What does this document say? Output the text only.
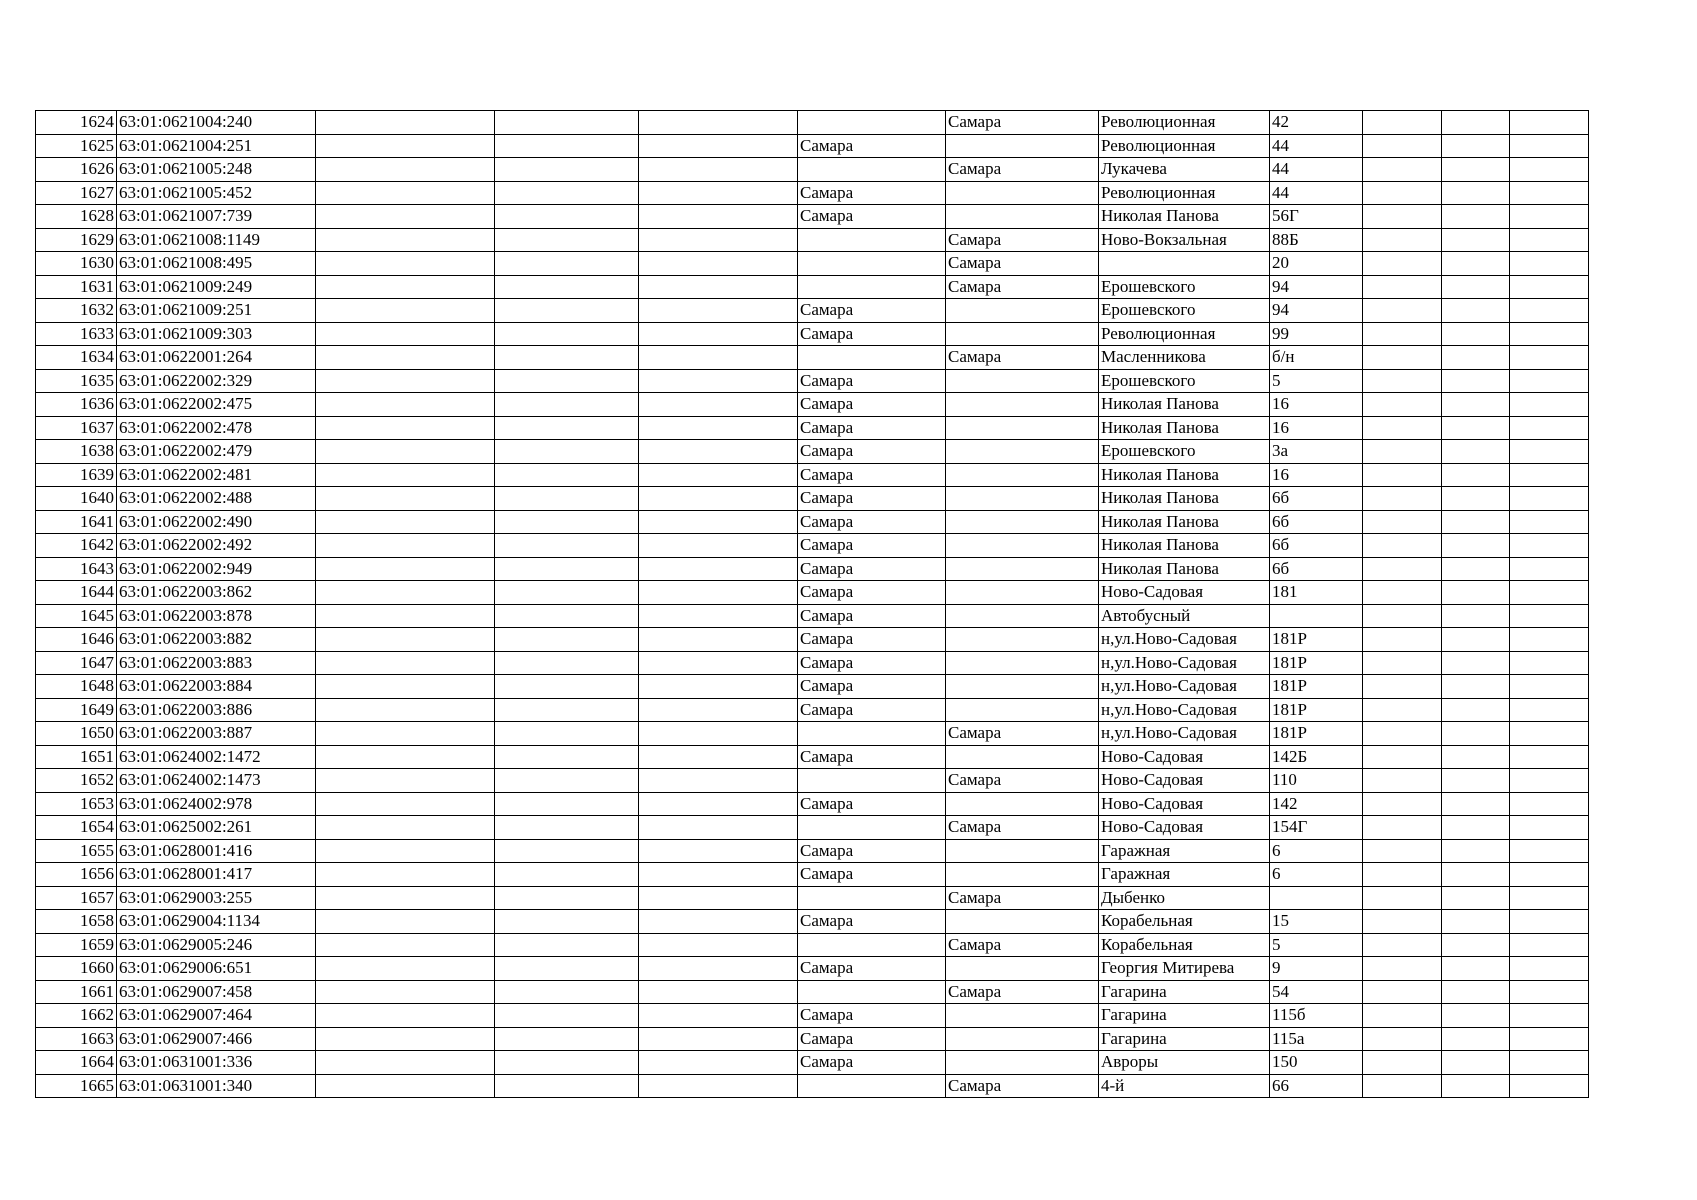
1624	63:01:0621004:240					Самара	Революционная	42			
1625	63:01:0621004:251				Самара		Революционная	44			
1626	63:01:0621005:248					Самара	Лукачева	44			
1627	63:01:0621005:452				Самара		Революционная	44			
1628	63:01:0621007:739				Самара		Николая Панова	56Г			
1629	63:01:0621008:1149					Самара	Ново-Вокзальная	88Б			
1630	63:01:0621008:495					Самара		20			
1631	63:01:0621009:249					Самара	Ерошевского	94			
1632	63:01:0621009:251				Самара		Ерошевского	94			
1633	63:01:0621009:303				Самара		Революционная	99			
1634	63:01:0622001:264					Самара	Масленникова	б/н			
1635	63:01:0622002:329				Самара		Ерошевского	5			
1636	63:01:0622002:475				Самара		Николая Панова	16			
1637	63:01:0622002:478				Самара		Николая Панова	16			
1638	63:01:0622002:479				Самара		Ерошевского	3а			
1639	63:01:0622002:481				Самара		Николая Панова	16			
1640	63:01:0622002:488				Самара		Николая Панова	6б			
1641	63:01:0622002:490				Самара		Николая Панова	6б			
1642	63:01:0622002:492				Самара		Николая Панова	6б			
1643	63:01:0622002:949				Самара		Николая Панова	6б			
1644	63:01:0622003:862				Самара		Ново-Садовая	181			
1645	63:01:0622003:878				Самара		Автобусный				
1646	63:01:0622003:882				Самара		н,ул.Ново-Садовая	181Р			
1647	63:01:0622003:883				Самара		н,ул.Ново-Садовая	181Р			
1648	63:01:0622003:884				Самара		н,ул.Ново-Садовая	181Р			
1649	63:01:0622003:886				Самара		н,ул.Ново-Садовая	181Р			
1650	63:01:0622003:887					Самара	н,ул.Ново-Садовая	181Р			
1651	63:01:0624002:1472				Самара		Ново-Садовая	142Б			
1652	63:01:0624002:1473					Самара	Ново-Садовая	110			
1653	63:01:0624002:978				Самара		Ново-Садовая	142			
1654	63:01:0625002:261					Самара	Ново-Садовая	154Г			
1655	63:01:0628001:416				Самара		Гаражная	6			
1656	63:01:0628001:417				Самара		Гаражная	6			
1657	63:01:0629003:255					Самара	Дыбенко				
1658	63:01:0629004:1134				Самара		Корабельная	15			
1659	63:01:0629005:246					Самара	Корабельная	5			
1660	63:01:0629006:651				Самара		Георгия Митирева	9			
1661	63:01:0629007:458					Самара	Гагарина	54			
1662	63:01:0629007:464				Самара		Гагарина	115б			
1663	63:01:0629007:466				Самара		Гагарина	115а			
1664	63:01:0631001:336				Самара		Авроры	150			
1665	63:01:0631001:340					Самара	4-й	66			
